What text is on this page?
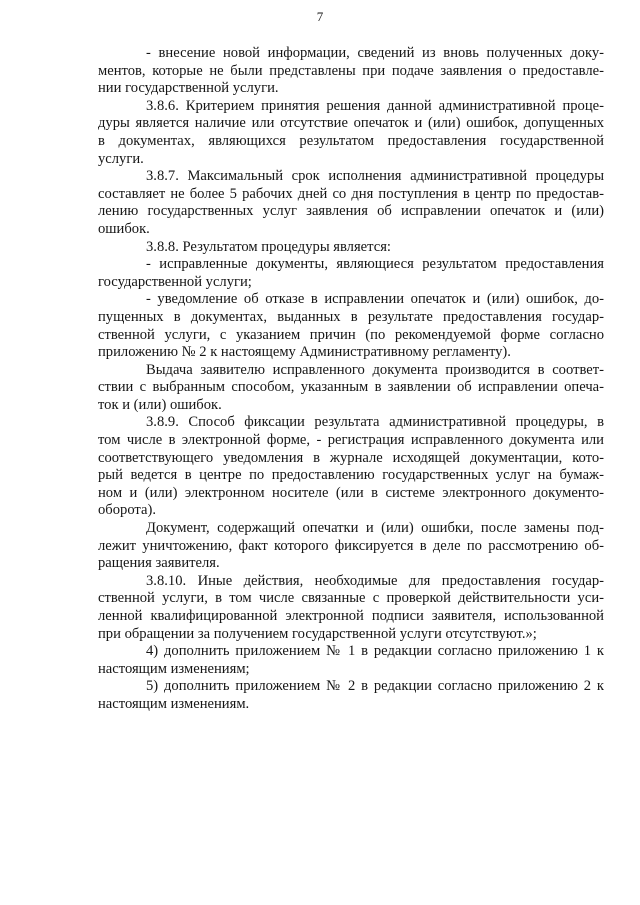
7
- внесение новой информации, сведений из вновь полученных доку-
ментов, которые не были представлены при подаче заявления о предоставле-
нии государственной услуги.
3.8.6. Критерием принятия решения данной административной проце-
дуры является наличие или отсутствие опечаток и (или) ошибок, допущенных
в документах, являющихся результатом предоставления государственной
услуги.
3.8.7. Максимальный срок исполнения административной процедуры
составляет не более 5 рабочих дней со дня поступления в центр по предостав-
лению государственных услуг заявления об исправлении опечаток и (или)
ошибок.
3.8.8. Результатом процедуры является:
- исправленные документы, являющиеся результатом предоставления
государственной услуги;
- уведомление об отказе в исправлении опечаток и (или) ошибок, до-
пущенных в документах, выданных в результате предоставления государ-
ственной услуги, с указанием причин (по рекомендуемой форме согласно
приложению № 2 к настоящему Административному регламенту).
Выдача заявителю исправленного документа производится в соответ-
ствии с выбранным способом, указанным в заявлении об исправлении опеча-
ток и (или) ошибок.
3.8.9. Способ фиксации результата административной процедуры, в
том числе в электронной форме, - регистрация исправленного документа или
соответствующего уведомления в журнале исходящей документации, кото-
рый ведется в центре по предоставлению государственных услуг на бумаж-
ном и (или) электронном носителе (или в системе электронного документо-
оборота).
Документ, содержащий опечатки и (или) ошибки, после замены под-
лежит уничтожению, факт которого фиксируется в деле по рассмотрению об-
ращения заявителя.
3.8.10. Иные действия, необходимые для предоставления государ-
ственной услуги, в том числе связанные с проверкой действительности уси-
ленной квалифицированной электронной подписи заявителя, использованной
при обращении за получением государственной услуги отсутствуют.»;
4) дополнить приложением № 1 в редакции согласно приложению 1 к
настоящим изменениям;
5) дополнить приложением № 2 в редакции согласно приложению 2 к
настоящим изменениям.
